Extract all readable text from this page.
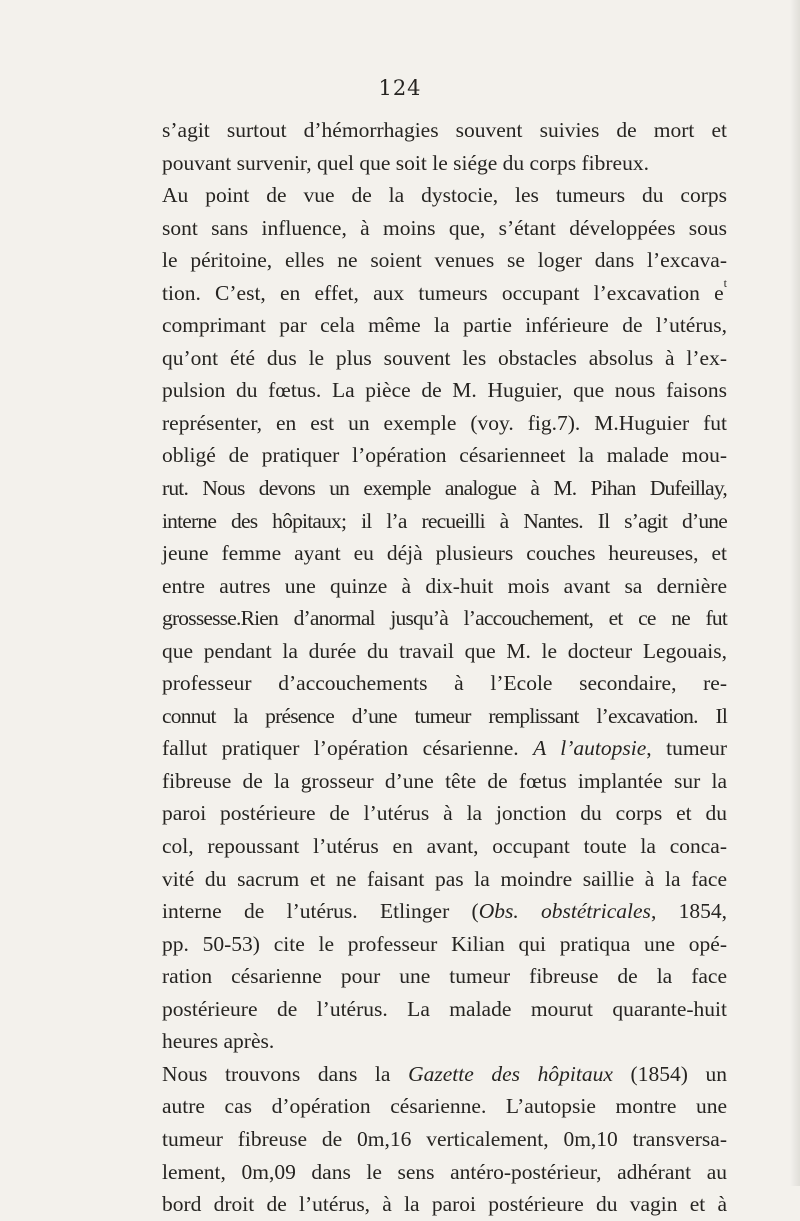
124
s’agit surtout d’hémorrhagies souvent suivies de mort et
pouvant survenir, quel que soit le siége du corps fibreux.
Au point de vue de la dystocie, les tumeurs du corps
sont sans influence, à moins que, s’étant développées sous
le péritoine, elles ne soient venues se loger dans l’excava-
tion. C’est, en effet, aux tumeurs occupant l’excavation $e^t$
comprimant par cela même la partie inférieure de l’utérus,
qu’ont été dus le plus souvent les obstacles absolus à l’ex-
pulsion du fœtus. La pièce de M. Huguier, que nous faisons
représenter, en est un exemple (voy. fig.7). M.Huguier fut
obligé de pratiquer l’opération césarienneet la malade mou-
rut. Nous devons un exemple analogue à M. Pihan Dufeillay,
interne des hôpitaux; il l’a recueilli à Nantes. Il s’agit d’une
jeune femme ayant eu déjà plusieurs couches heureuses, et
entre autres une quinze à dix-huit mois avant sa dernière
grossesse.Rien d’anormal jusqu’à l’accouchement, et ce ne fut
que pendant la durée du travail que M. le docteur Legouais,
professeur d’accouchements à l’Ecole secondaire, re-
connut la présence d’une tumeur remplissant l’excavation. Il
fallut pratiquer l’opération césarienne. A l’autopsie, tumeur
fibreuse de la grosseur d’une tête de fœtus implantée sur la
paroi postérieure de l’utérus à la jonction du corps et du
col, repoussant l’utérus en avant, occupant toute la conca-
vité du sacrum et ne faisant pas la moindre saillie à la face
interne de l’utérus. Etlinger (Obs. obstétricales, 1854,
pp. 50-53) cite le professeur Kilian qui pratiqua une opé-
ration césarienne pour une tumeur fibreuse de la face
postérieure de l’utérus. La malade mourut quarante-huit
heures après.
Nous trouvons dans la Gazette des hôpitaux (1854) un
autre cas d’opération césarienne. L’autopsie montre une
tumeur fibreuse de 0m,16 verticalement, 0m,10 transversa-
lement, 0m,09 dans le sens antéro-postérieur, adhérant au
bord droit de l’utérus, à la paroi postérieure du vagin et à
